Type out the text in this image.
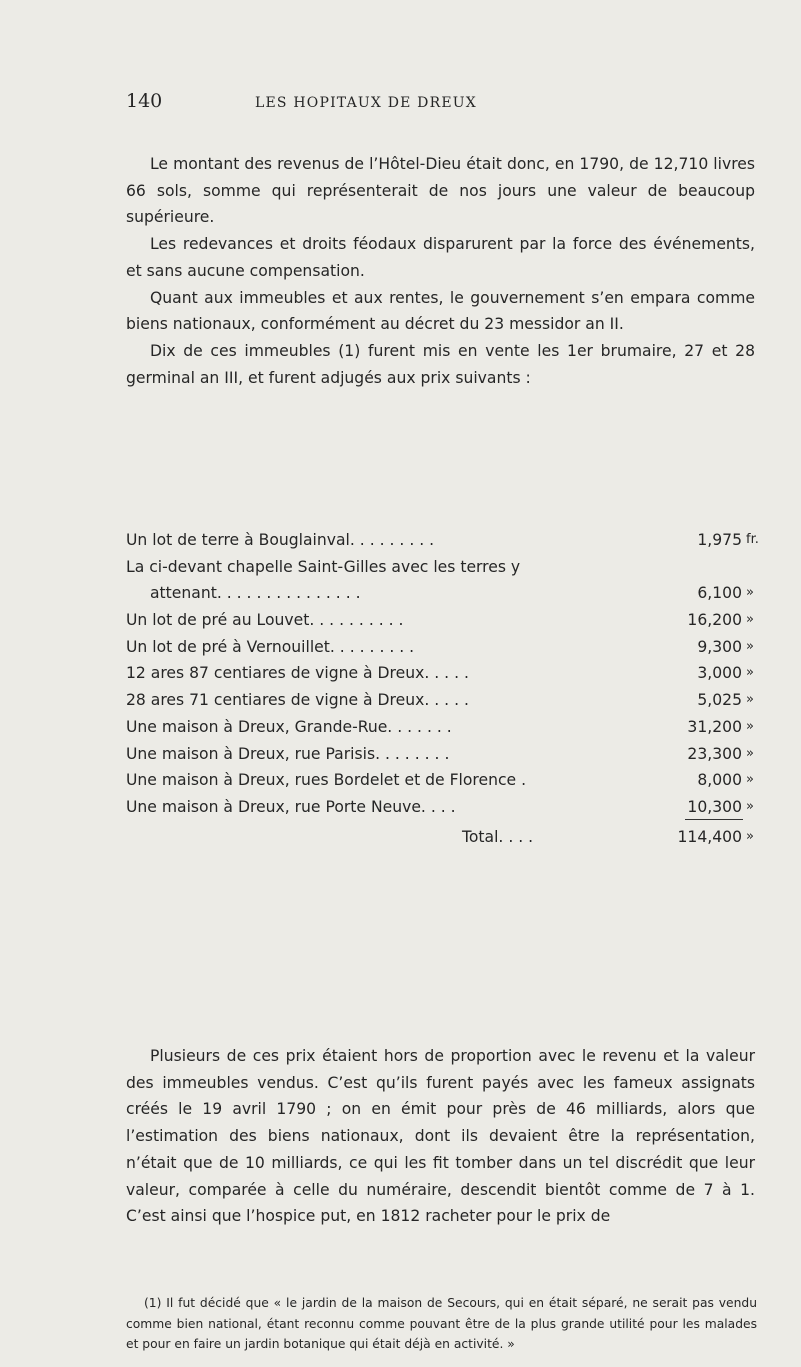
140	LES HOPITAUX DE DREUX

Le montant des revenus de l’Hôtel-Dieu était donc, en 1790, de 12,710 livres 66 sols, somme qui représenterait de nos jours une valeur de beaucoup supérieure.

Les redevances et droits féodaux disparurent par la force des événements, et sans aucune compensation.

Quant aux immeubles et aux rentes, le gouvernement s’en empara comme biens nationaux, conformément au décret du 23 messidor an II.

Dix de ces immeubles (1) furent mis en vente les 1er brumaire, 27 et 28 germinal an III, et furent adjugés aux prix suivants :

Un lot de terre à Bouglainval. . . . . . . . .	1,975 fr.
La ci-devant chapelle Saint-Gilles avec les terres y
attenant. . . . . . . . . . . . . . .	6,100 »
Un lot de pré au Louvet. . . . . . . . . .	16,200 »
Un lot de pré à Vernouillet. . . . . . . . .	9,300 »
12 ares 87 centiares de vigne à Dreux. . . . .	3,000 »
28 ares 71 centiares de vigne à Dreux. . . . .	5,025 »
Une maison à Dreux, Grande-Rue. . . . . . .	31,200 »
Une maison à Dreux, rue Parisis. . . . . . . .	23,300 »
Une maison à Dreux, rues Bordelet et de Florence .	8,000 »
Une maison à Dreux, rue Porte Neuve. . . .	10,300 »
Total. . . .	114,400 »

Plusieurs de ces prix étaient hors de proportion avec le revenu et la valeur des immeubles vendus. C’est qu’ils furent payés avec les fameux assignats créés le 19 avril 1790 ; on en émit pour près de 46 milliards, alors que l’estimation des biens nationaux, dont ils devaient être la représentation, n’était que de 10 milliards, ce qui les fit tomber dans un tel discrédit que leur valeur, comparée à celle du numéraire, descendit bientôt comme de 7 à 1. C’est ainsi que l’hospice put, en 1812 racheter pour le prix de

(1) Il fut décidé que « le jardin de la maison de Secours, qui en était séparé, ne serait pas vendu comme bien national, étant reconnu comme pouvant être de la plus grande utilité pour les malades et pour en faire un jardin botanique qui était déjà en activité. »
